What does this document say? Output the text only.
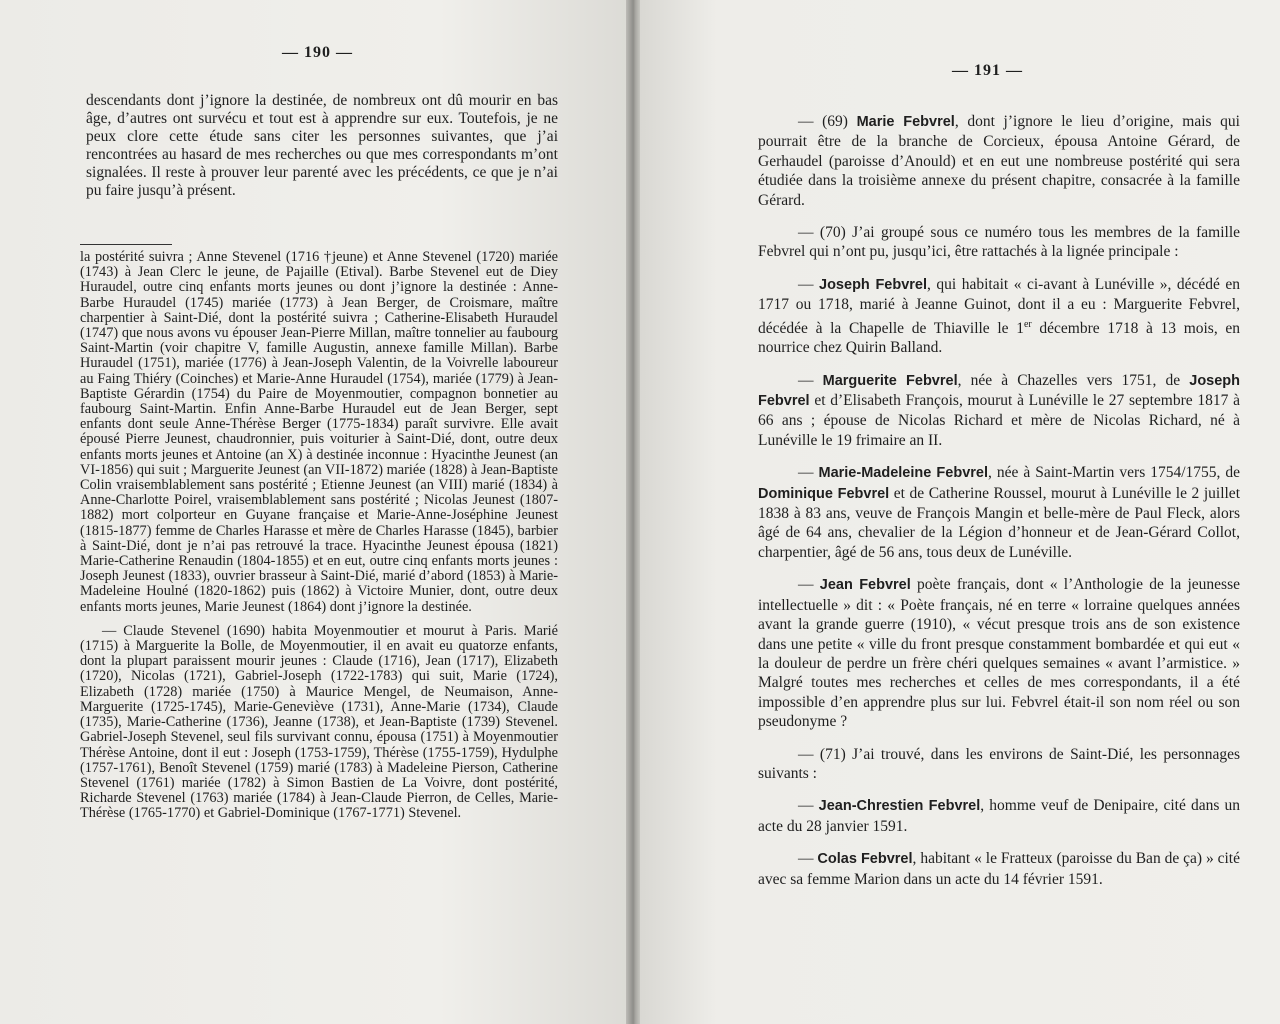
— 190 —

descendants dont j’ignore la destinée, de nombreux ont dû mourir en bas âge, d’autres ont survécu et tout est à apprendre sur eux. Toutefois, je ne peux clore cette étude sans citer les personnes suivantes, que j’ai rencontrées au hasard de mes recherches ou que mes correspondants m’ont signalées. Il reste à prouver leur parenté avec les précédents, ce que je n’ai pu faire jusqu’à présent.

la postérité suivra ; Anne Stevenel (1716 †jeune) et Anne Stevenel (1720) mariée (1743) à Jean Clerc le jeune, de Pajaille (Etival). Barbe Stevenel eut de Diey Huraudel, outre cinq enfants morts jeunes ou dont j’ignore la destinée : Anne-Barbe Huraudel (1745) mariée (1773) à Jean Berger, de Croismare, maître charpentier à Saint-Dié, dont la postérité suivra ; Catherine-Elisabeth Huraudel (1747) que nous avons vu épouser Jean-Pierre Millan, maître tonnelier au faubourg Saint-Martin (voir chapitre V, famille Augustin, annexe famille Millan). Barbe Huraudel (1751), mariée (1776) à Jean-Joseph Valentin, de la Voivrelle laboureur au Faing Thiéry (Coinches) et Marie-Anne Huraudel (1754), mariée (1779) à Jean-Baptiste Gérardin (1754) du Paire de Moyenmoutier, compagnon bonnetier au faubourg Saint-Martin. Enfin Anne-Barbe Huraudel eut de Jean Berger, sept enfants dont seule Anne-Thérèse Berger (1775-1834) paraît survivre. Elle avait épousé Pierre Jeunest, chaudronnier, puis voiturier à Saint-Dié, dont, outre deux enfants morts jeunes et Antoine (an X) à destinée inconnue : Hyacinthe Jeunest (an VI-1856) qui suit ; Marguerite Jeunest (an VII-1872) mariée (1828) à Jean-Baptiste Colin vraisemblablement sans postérité ; Etienne Jeunest (an VIII) marié (1834) à Anne-Charlotte Poirel, vraisemblablement sans postérité ; Nicolas Jeunest (1807-1882) mort colporteur en Guyane française et Marie-Anne-Joséphine Jeunest (1815-1877) femme de Charles Harasse et mère de Charles Harasse (1845), barbier à Saint-Dié, dont je n’ai pas retrouvé la trace. Hyacinthe Jeunest épousa (1821) Marie-Catherine Renaudin (1804-1855) et en eut, outre cinq enfants morts jeunes : Joseph Jeunest (1833), ouvrier brasseur à Saint-Dié, marié d’abord (1853) à Marie-Madeleine Houlné (1820-1862) puis (1862) à Victoire Munier, dont, outre deux enfants morts jeunes, Marie Jeunest (1864) dont j’ignore la destinée.

— Claude Stevenel (1690) habita Moyenmoutier et mourut à Paris. Marié (1715) à Marguerite la Bolle, de Moyenmoutier, il en avait eu quatorze enfants, dont la plupart paraissent mourir jeunes : Claude (1716), Jean (1717), Elizabeth (1720), Nicolas (1721), Gabriel-Joseph (1722-1783) qui suit, Marie (1724), Elizabeth (1728) mariée (1750) à Maurice Mengel, de Neumaison, Anne-Marguerite (1725-1745), Marie-Geneviève (1731), Anne-Marie (1734), Claude (1735), Marie-Catherine (1736), Jeanne (1738), et Jean-Baptiste (1739) Stevenel. Gabriel-Joseph Stevenel, seul fils survivant connu, épousa (1751) à Moyenmoutier Thérèse Antoine, dont il eut : Joseph (1753-1759), Thérèse (1755-1759), Hydulphe (1757-1761), Benoît Stevenel (1759) marié (1783) à Madeleine Pierson, Catherine Stevenel (1761) mariée (1782) à Simon Bastien de La Voivre, dont postérité, Richarde Stevenel (1763) mariée (1784) à Jean-Claude Pierron, de Celles, Marie-Thérèse (1765-1770) et Gabriel-Dominique (1767-1771) Stevenel.

— 191 —

— (69) Marie Febvrel, dont j’ignore le lieu d’origine, mais qui pourrait être de la branche de Corcieux, épousa Antoine Gérard, de Gerhaudel (paroisse d’Anould) et en eut une nombreuse postérité qui sera étudiée dans la troisième annexe du présent chapitre, consacrée à la famille Gérard.

— (70) J’ai groupé sous ce numéro tous les membres de la famille Febvrel qui n’ont pu, jusqu’ici, être rattachés à la lignée principale :

— Joseph Febvrel, qui habitait « ci-avant à Lunéville », décédé en 1717 ou 1718, marié à Jeanne Guinot, dont il a eu : Marguerite Febvrel, décédée à la Chapelle de Thiaville le 1er décembre 1718 à 13 mois, en nourrice chez Quirin Balland.

— Marguerite Febvrel, née à Chazelles vers 1751, de Joseph Febvrel et d’Elisabeth François, mourut à Lunéville le 27 septembre 1817 à 66 ans ; épouse de Nicolas Richard et mère de Nicolas Richard, né à Lunéville le 19 frimaire an II.

— Marie-Madeleine Febvrel, née à Saint-Martin vers 1754/1755, de Dominique Febvrel et de Catherine Roussel, mourut à Lunéville le 2 juillet 1838 à 83 ans, veuve de François Mangin et belle-mère de Paul Fleck, alors âgé de 64 ans, chevalier de la Légion d’honneur et de Jean-Gérard Collot, charpentier, âgé de 56 ans, tous deux de Lunéville.

— Jean Febvrel poète français, dont « l’Anthologie de la jeunesse intellectuelle » dit : « Poète français, né en terre « lorraine quelques années avant la grande guerre (1910), « vécut presque trois ans de son existence dans une petite « ville du front presque constamment bombardée et qui eut « la douleur de perdre un frère chéri quelques semaines « avant l’armistice. » Malgré toutes mes recherches et celles de mes correspondants, il a été impossible d’en apprendre plus sur lui. Febvrel était-il son nom réel ou son pseudonyme ?

— (71) J’ai trouvé, dans les environs de Saint-Dié, les personnages suivants :

— Jean-Chrestien Febvrel, homme veuf de Denipaire, cité dans un acte du 28 janvier 1591.

— Colas Febvrel, habitant « le Fratteux (paroisse du Ban de ça) » cité avec sa femme Marion dans un acte du 14 février 1591.
